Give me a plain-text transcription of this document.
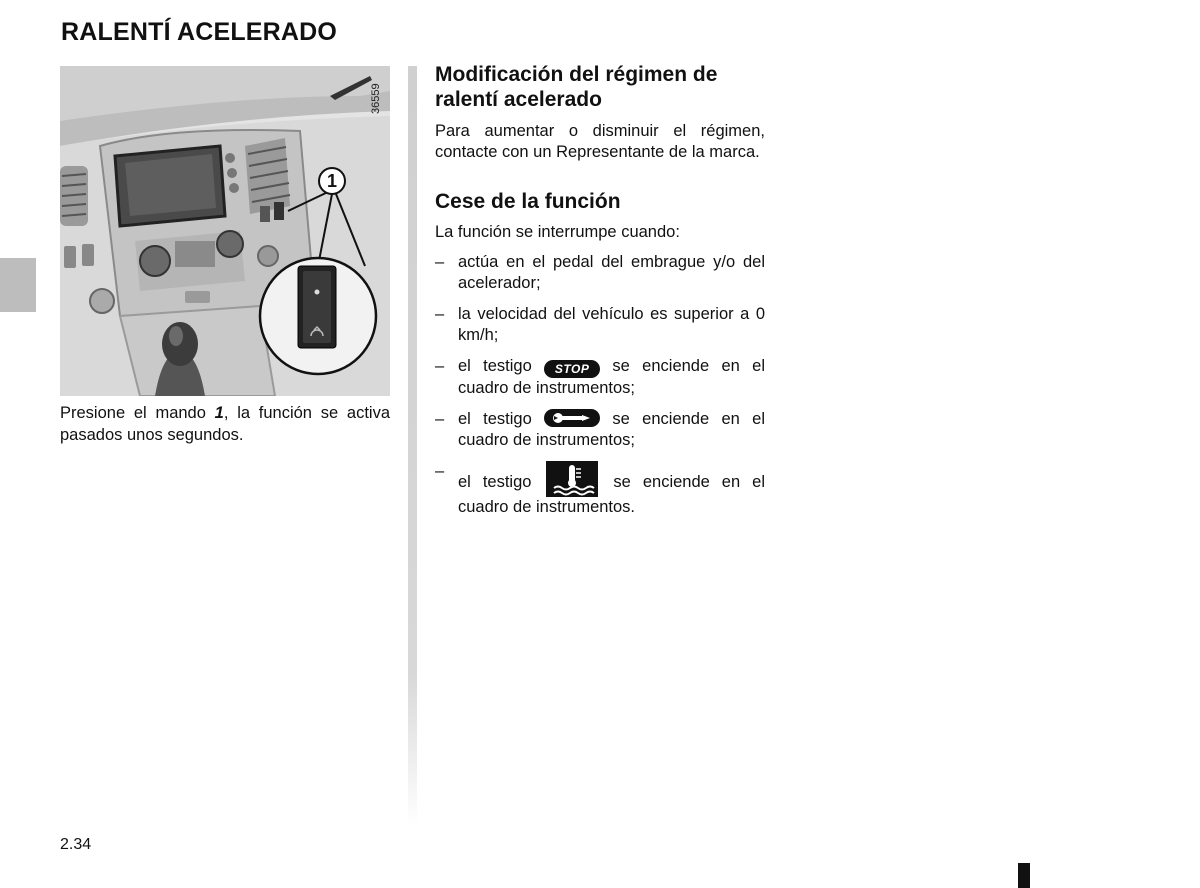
RALENTÍ ACELERADO
1
36559

Presione el mando 1, la función se activa pasados unos segundos.

Modificación del régimen de ralentí acelerado

Para aumentar o disminuir el régimen, contacte con un Representante de la marca.

Cese de la función

La función se interrumpe cuando:

– actúa en el pedal del embrague y/o del acelerador;
– la velocidad del vehículo es superior a 0 km/h;
– el testigo STOP se enciende en el cuadro de instrumentos;
– el testigo	se enciende en el cuadro de instrumentos;
–
el testigo	se enciende en el cuadro de instrumentos.
2.34
